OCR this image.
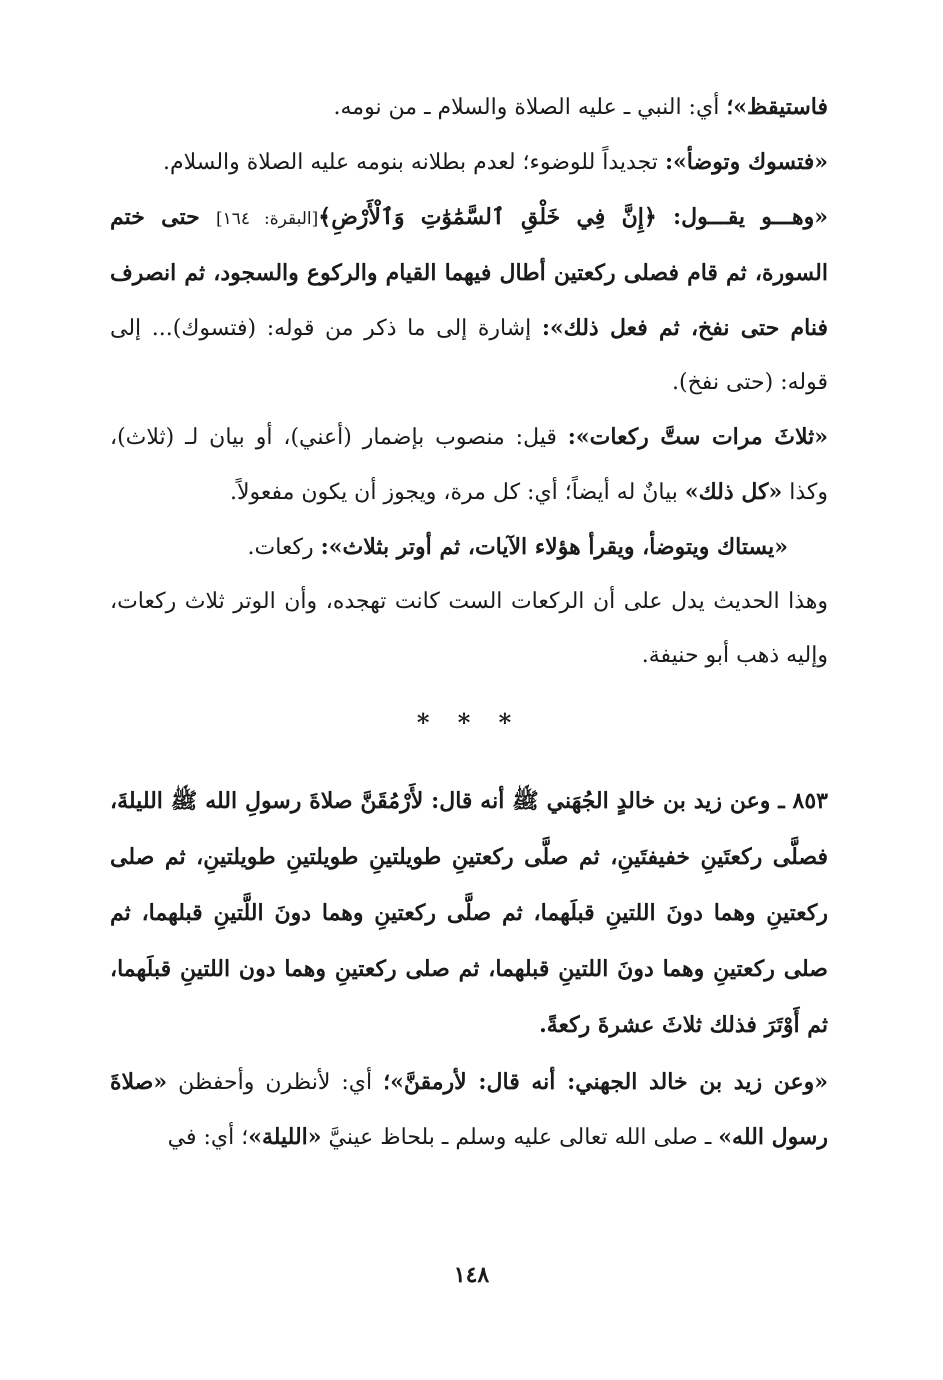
فاستيقظ»؛ أي: النبي ـ عليه الصلاة والسلام ـ من نومه.

«فتسوك وتوضأ»: تجديداً للوضوء؛ لعدم بطلانه بنومه عليه الصلاة والسلام.

«وهـــو يقـــول: ﴿إِنَّ فِي خَلْقِ ٱلسَّمَٰوَٰتِ وَٱلْأَرْضِ﴾[البقرة: ١٦٤] حتى ختم السورة، ثم قام فصلى ركعتين أطال فيهما القيام والركوع والسجود، ثم انصرف فنام حتى نفخ، ثم فعل ذلك»: إشارة إلى ما ذكر من قوله: (فتسوك)... إلى قوله: (حتى نفخ).

«ثلاثَ مرات ستَّ ركعات»: قيل: منصوب بإضمار (أعني)، أو بيان لـ (ثلاث)، وكذا «كل ذلك» بيانٌ له أيضاً؛ أي: كل مرة، ويجوز أن يكون مفعولاً.

«يستاك ويتوضأ، ويقرأ هؤلاء الآيات، ثم أوتر بثلاث»: ركعات.

وهذا الحديث يدل على أن الركعات الست كانت تهجده، وأن الوتر ثلاث ركعات، وإليه ذهب أبو حنيفة.

* * *

٨٥٣ ـ وعن زيد بن خالدٍ الجُهَني ﷺ أنه قال: لأَرْمُقَنَّ صلاةَ رسولِ الله ﷺ الليلةَ، فصلَّى ركعتَينِ خفيفتَينِ، ثم صلَّى ركعتينِ طويلتينِ طويلتينِ طويلتينِ، ثم صلى ركعتينِ وهما دونَ اللتينِ قبلَهما، ثم صلَّى ركعتينِ وهما دونَ اللَّتينِ قبلهما، ثم صلى ركعتينِ وهما دونَ اللتينِ قبلهما، ثم صلى ركعتينِ وهما دون اللتينِ قبلَهما، ثم أَوْتَرَ فذلك ثلاثَ عشرةَ ركعةً.

«وعن زيد بن خالد الجهني: أنه قال: لأرمقنَّ»؛ أي: لأنظرن وأحفظن «صلاةَ رسول الله» ـ صلى الله تعالى عليه وسلم ـ بلحاظ عينيَّ «الليلة»؛ أي: في

١٤٨
